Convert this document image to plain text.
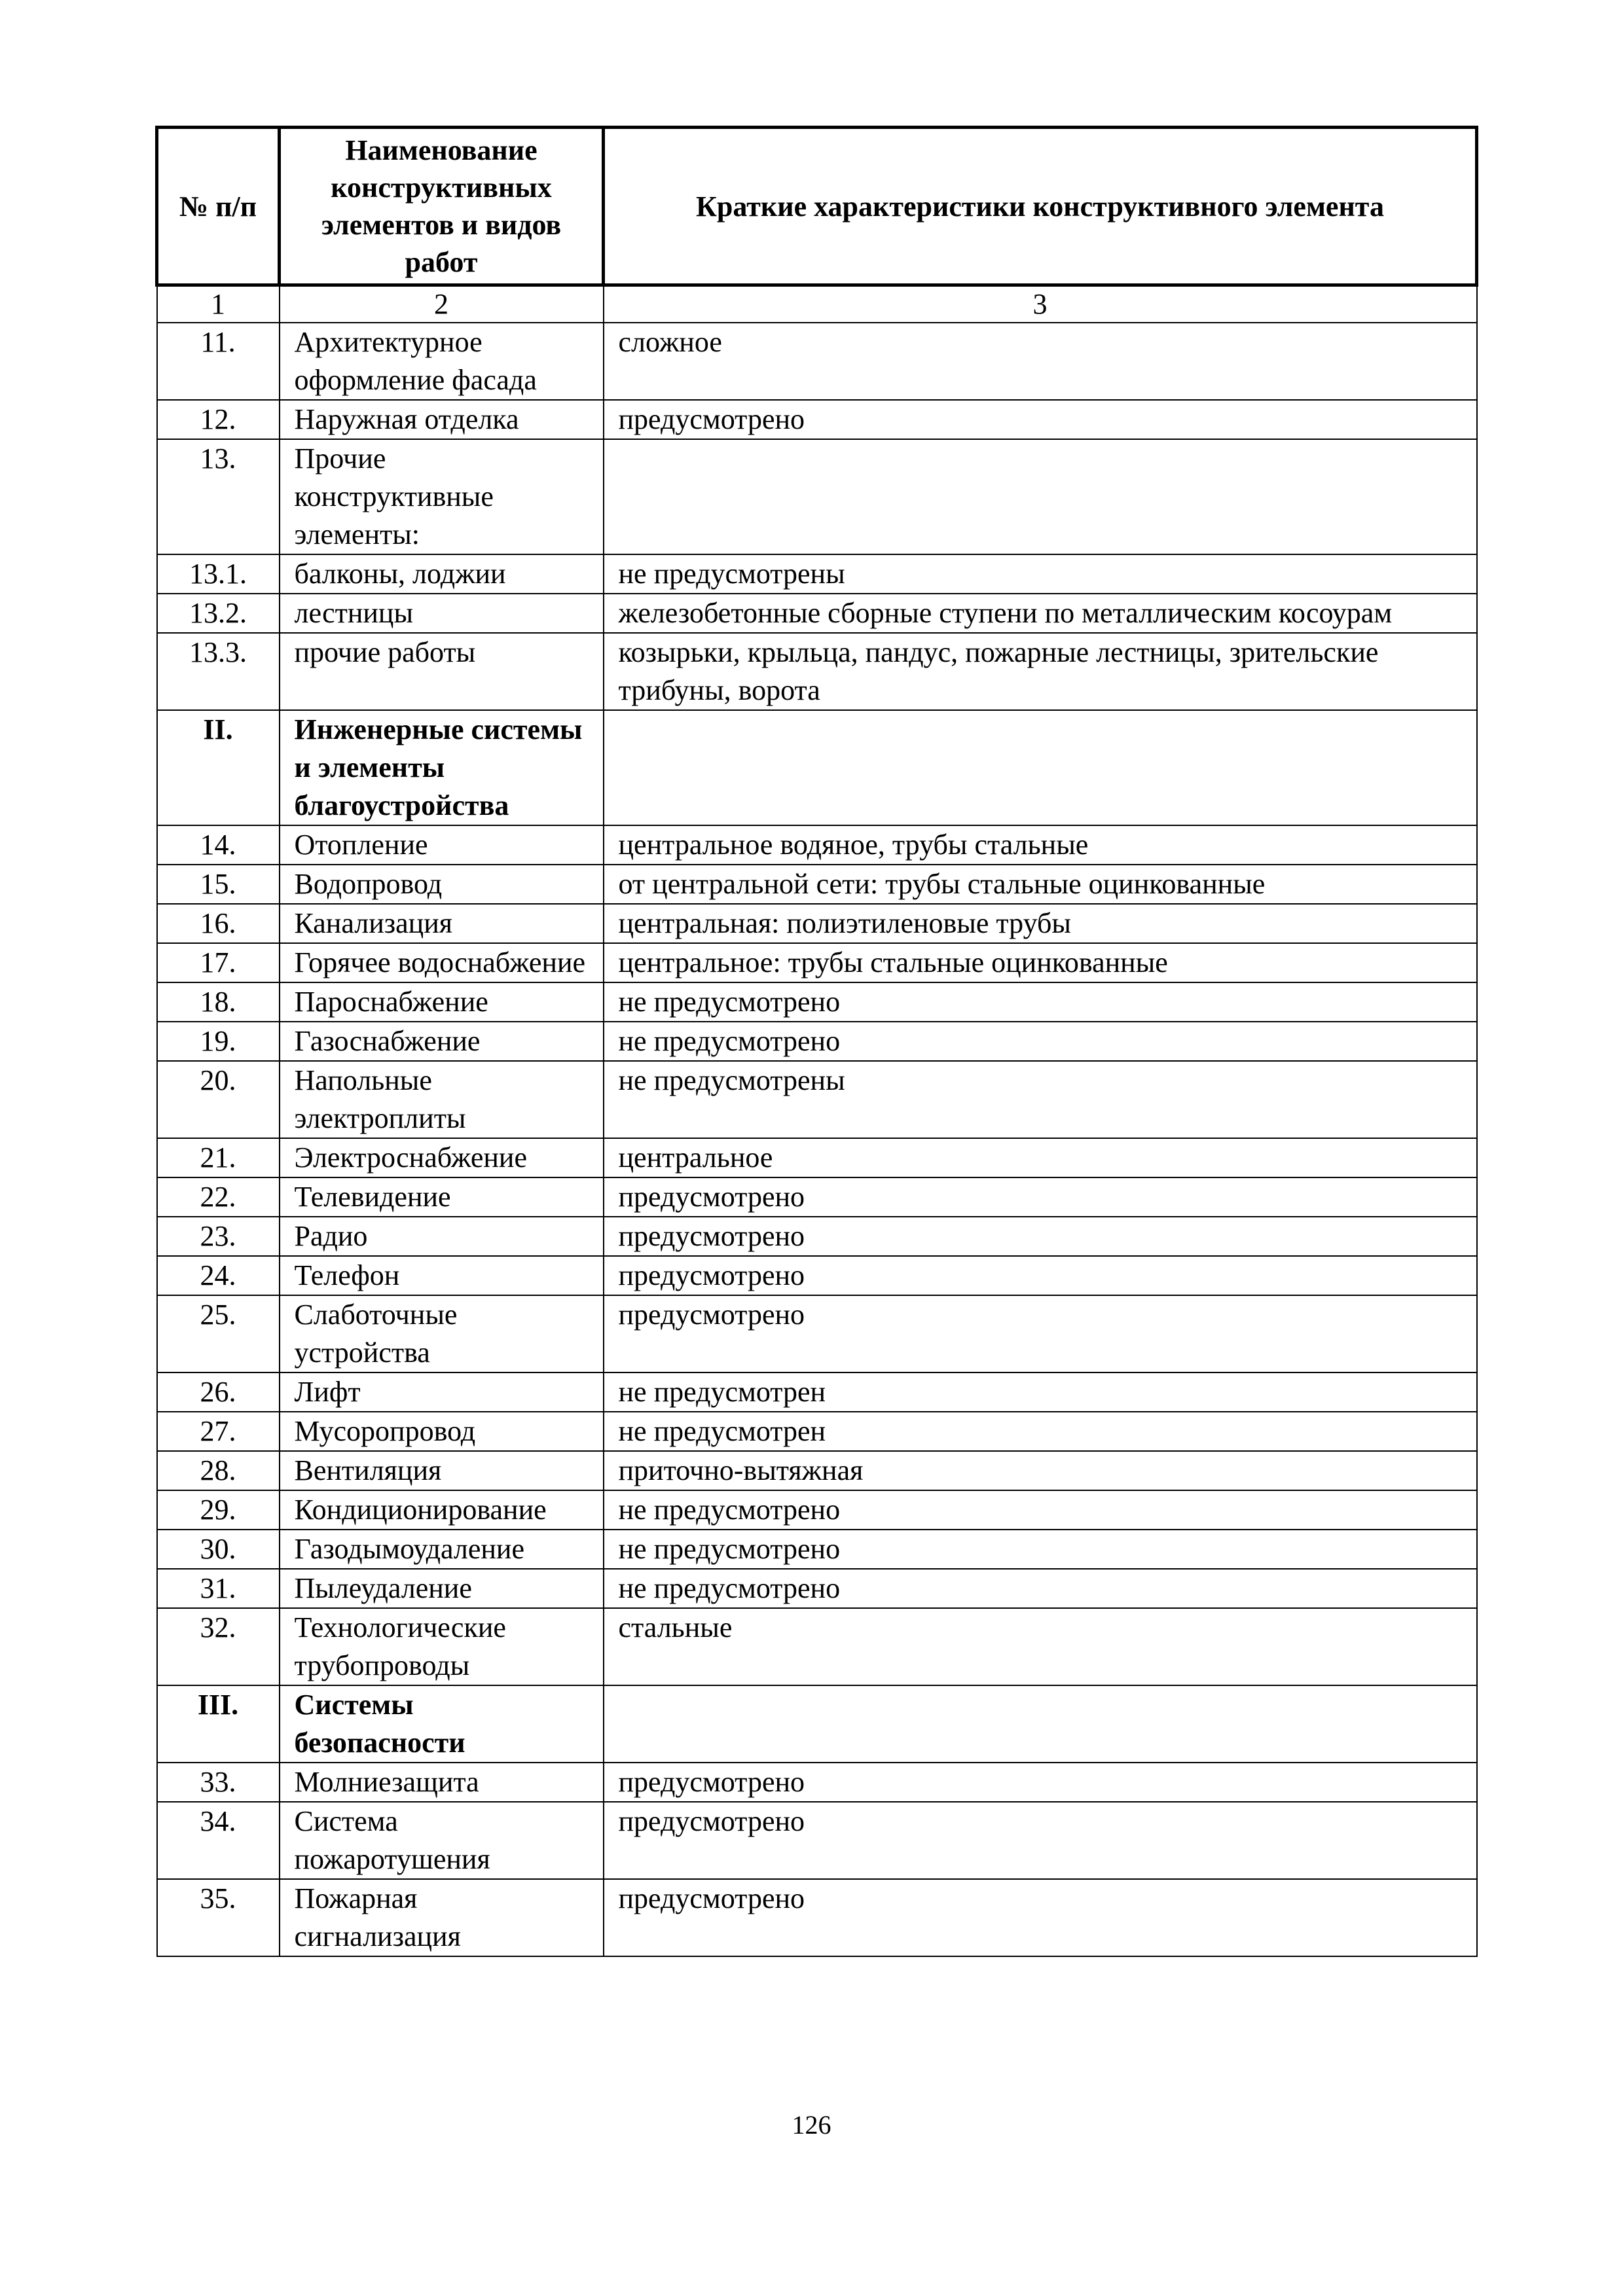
№ п/п	Наименование конструктивных элементов и видов работ	Краткие характеристики конструктивного элемента
1	2	3
11.	Архитектурное оформление фасада	сложное
12.	Наружная отделка	предусмотрено
13.	Прочие конструктивные элементы:	
13.1.	балконы, лоджии	не предусмотрены
13.2.	лестницы	железобетонные сборные ступени по металлическим косоурам
13.3.	прочие работы	козырьки, крыльца, пандус, пожарные лестницы, зрительские трибуны, ворота
II.	Инженерные системы и элементы благоустройства	
14.	Отопление	центральное водяное, трубы стальные
15.	Водопровод	от центральной сети: трубы стальные оцинкованные
16.	Канализация	центральная: полиэтиленовые трубы
17.	Горячее водоснабжение	центральное: трубы стальные оцинкованные
18.	Пароснабжение	не предусмотрено
19.	Газоснабжение	не предусмотрено
20.	Напольные электроплиты	не предусмотрены
21.	Электроснабжение	центральное
22.	Телевидение	предусмотрено
23.	Радио	предусмотрено
24.	Телефон	предусмотрено
25.	Слаботочные устройства	предусмотрено
26.	Лифт	не предусмотрен
27.	Мусоропровод	не предусмотрен
28.	Вентиляция	приточно-вытяжная
29.	Кондиционирование	не предусмотрено
30.	Газодымоудаление	не предусмотрено
31.	Пылеудаление	не предусмотрено
32.	Технологические трубопроводы	стальные
III.	Системы безопасности	
33.	Молниезащита	предусмотрено
34.	Система пожаротушения	предусмотрено
35.	Пожарная сигнализация	предусмотрено
126
